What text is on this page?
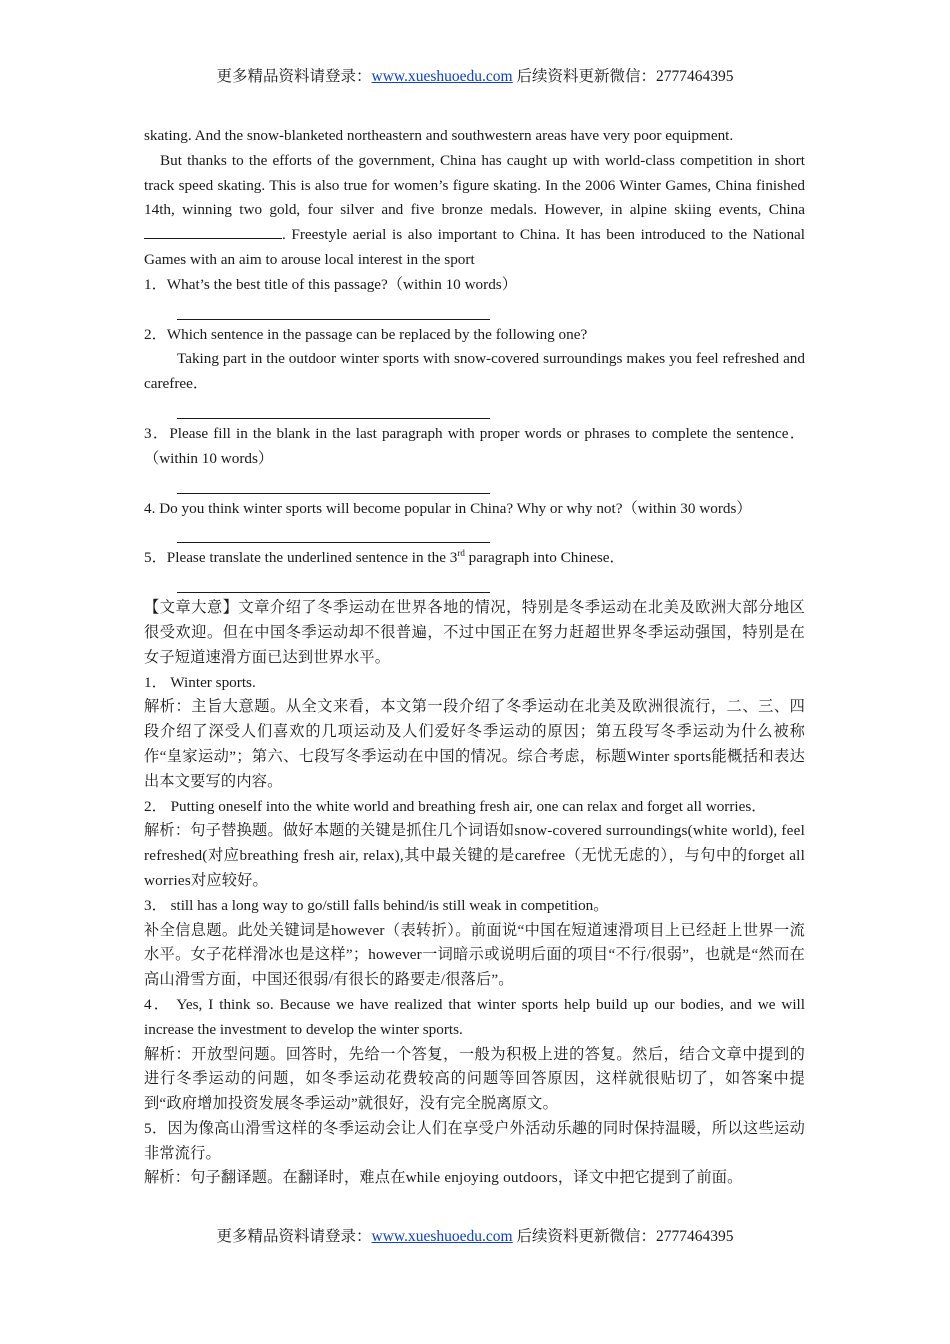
更多精品资料请登录：www.xueshuoedu.com 后续资料更新微信：2777464395

skating. And the snow-blanketed northeastern and southwestern areas have very poor equipment.

But thanks to the efforts of the government, China has caught up with world-class competition in short track speed skating. This is also true for women’s figure skating. In the 2006 Winter Games, China finished 14th, winning two gold, four silver and five bronze medals. However, in alpine skiing events, China. Freestyle aerial is also important to China. It has been introduced to the National Games with an aim to arouse local interest in the sport

1．What’s the best title of this passage?（within 10 words）

2．Which sentence in the passage can be replaced by the following one?

Taking part in the outdoor winter sports with snow-covered surroundings makes you feel refreshed and carefree．

3．Please fill in the blank in the last paragraph with proper words or phrases to complete the sentence．（within 10 words）

4. Do you think winter sports will become popular in China? Why or why not?（within 30 words）

5．Please translate the underlined sentence in the 3rd paragraph into Chinese．

【文章大意】文章介绍了冬季运动在世界各地的情况，特别是冬季运动在北美及欧洲大部分地区很受欢迎。但在中国冬季运动却不很普遍，不过中国正在努力赶超世界冬季运动强国，特别是在女子短道速滑方面已达到世界水平。

1． Winter sports.

解析：主旨大意题。从全文来看，本文第一段介绍了冬季运动在北美及欧洲很流行，二、三、四段介绍了深受人们喜欢的几项运动及人们爱好冬季运动的原因；第五段写冬季运动为什么被称作“皇家运动”；第六、七段写冬季运动在中国的情况。综合考虑，标题Winter sports能概括和表达出本文要写的内容。

2． Putting oneself into the white world and breathing fresh air, one can relax and forget all worries．

解析：句子替换题。做好本题的关键是抓住几个词语如snow-covered surroundings(white world), feel refreshed(对应breathing fresh air, relax),其中最关键的是carefree（无忧无虑的），与句中的forget all worries对应较好。

3． still has a long way to go/still falls behind/is still weak in competition。

补全信息题。此处关键词是however（表转折）。前面说“中国在短道速滑项目上已经赶上世界一流水平。女子花样滑冰也是这样”；however一词暗示或说明后面的项目“不行/很弱”，也就是“然而在高山滑雪方面，中国还很弱/有很长的路要走/很落后”。

4． Yes, I think so. Because we have realized that winter sports help build up our bodies, and we will increase the investment to develop the winter sports.

解析：开放型问题。回答时，先给一个答复，一般为积极上进的答复。然后，结合文章中提到的进行冬季运动的问题，如冬季运动花费较高的问题等回答原因，这样就很贴切了，如答案中提到“政府增加投资发展冬季运动”就很好，没有完全脱离原文。

5．因为像高山滑雪这样的冬季运动会让人们在享受户外活动乐趣的同时保持温暖，所以这些运动非常流行。

解析：句子翻译题。在翻译时，难点在while enjoying outdoors，译文中把它提到了前面。

更多精品资料请登录：www.xueshuoedu.com 后续资料更新微信：2777464395
